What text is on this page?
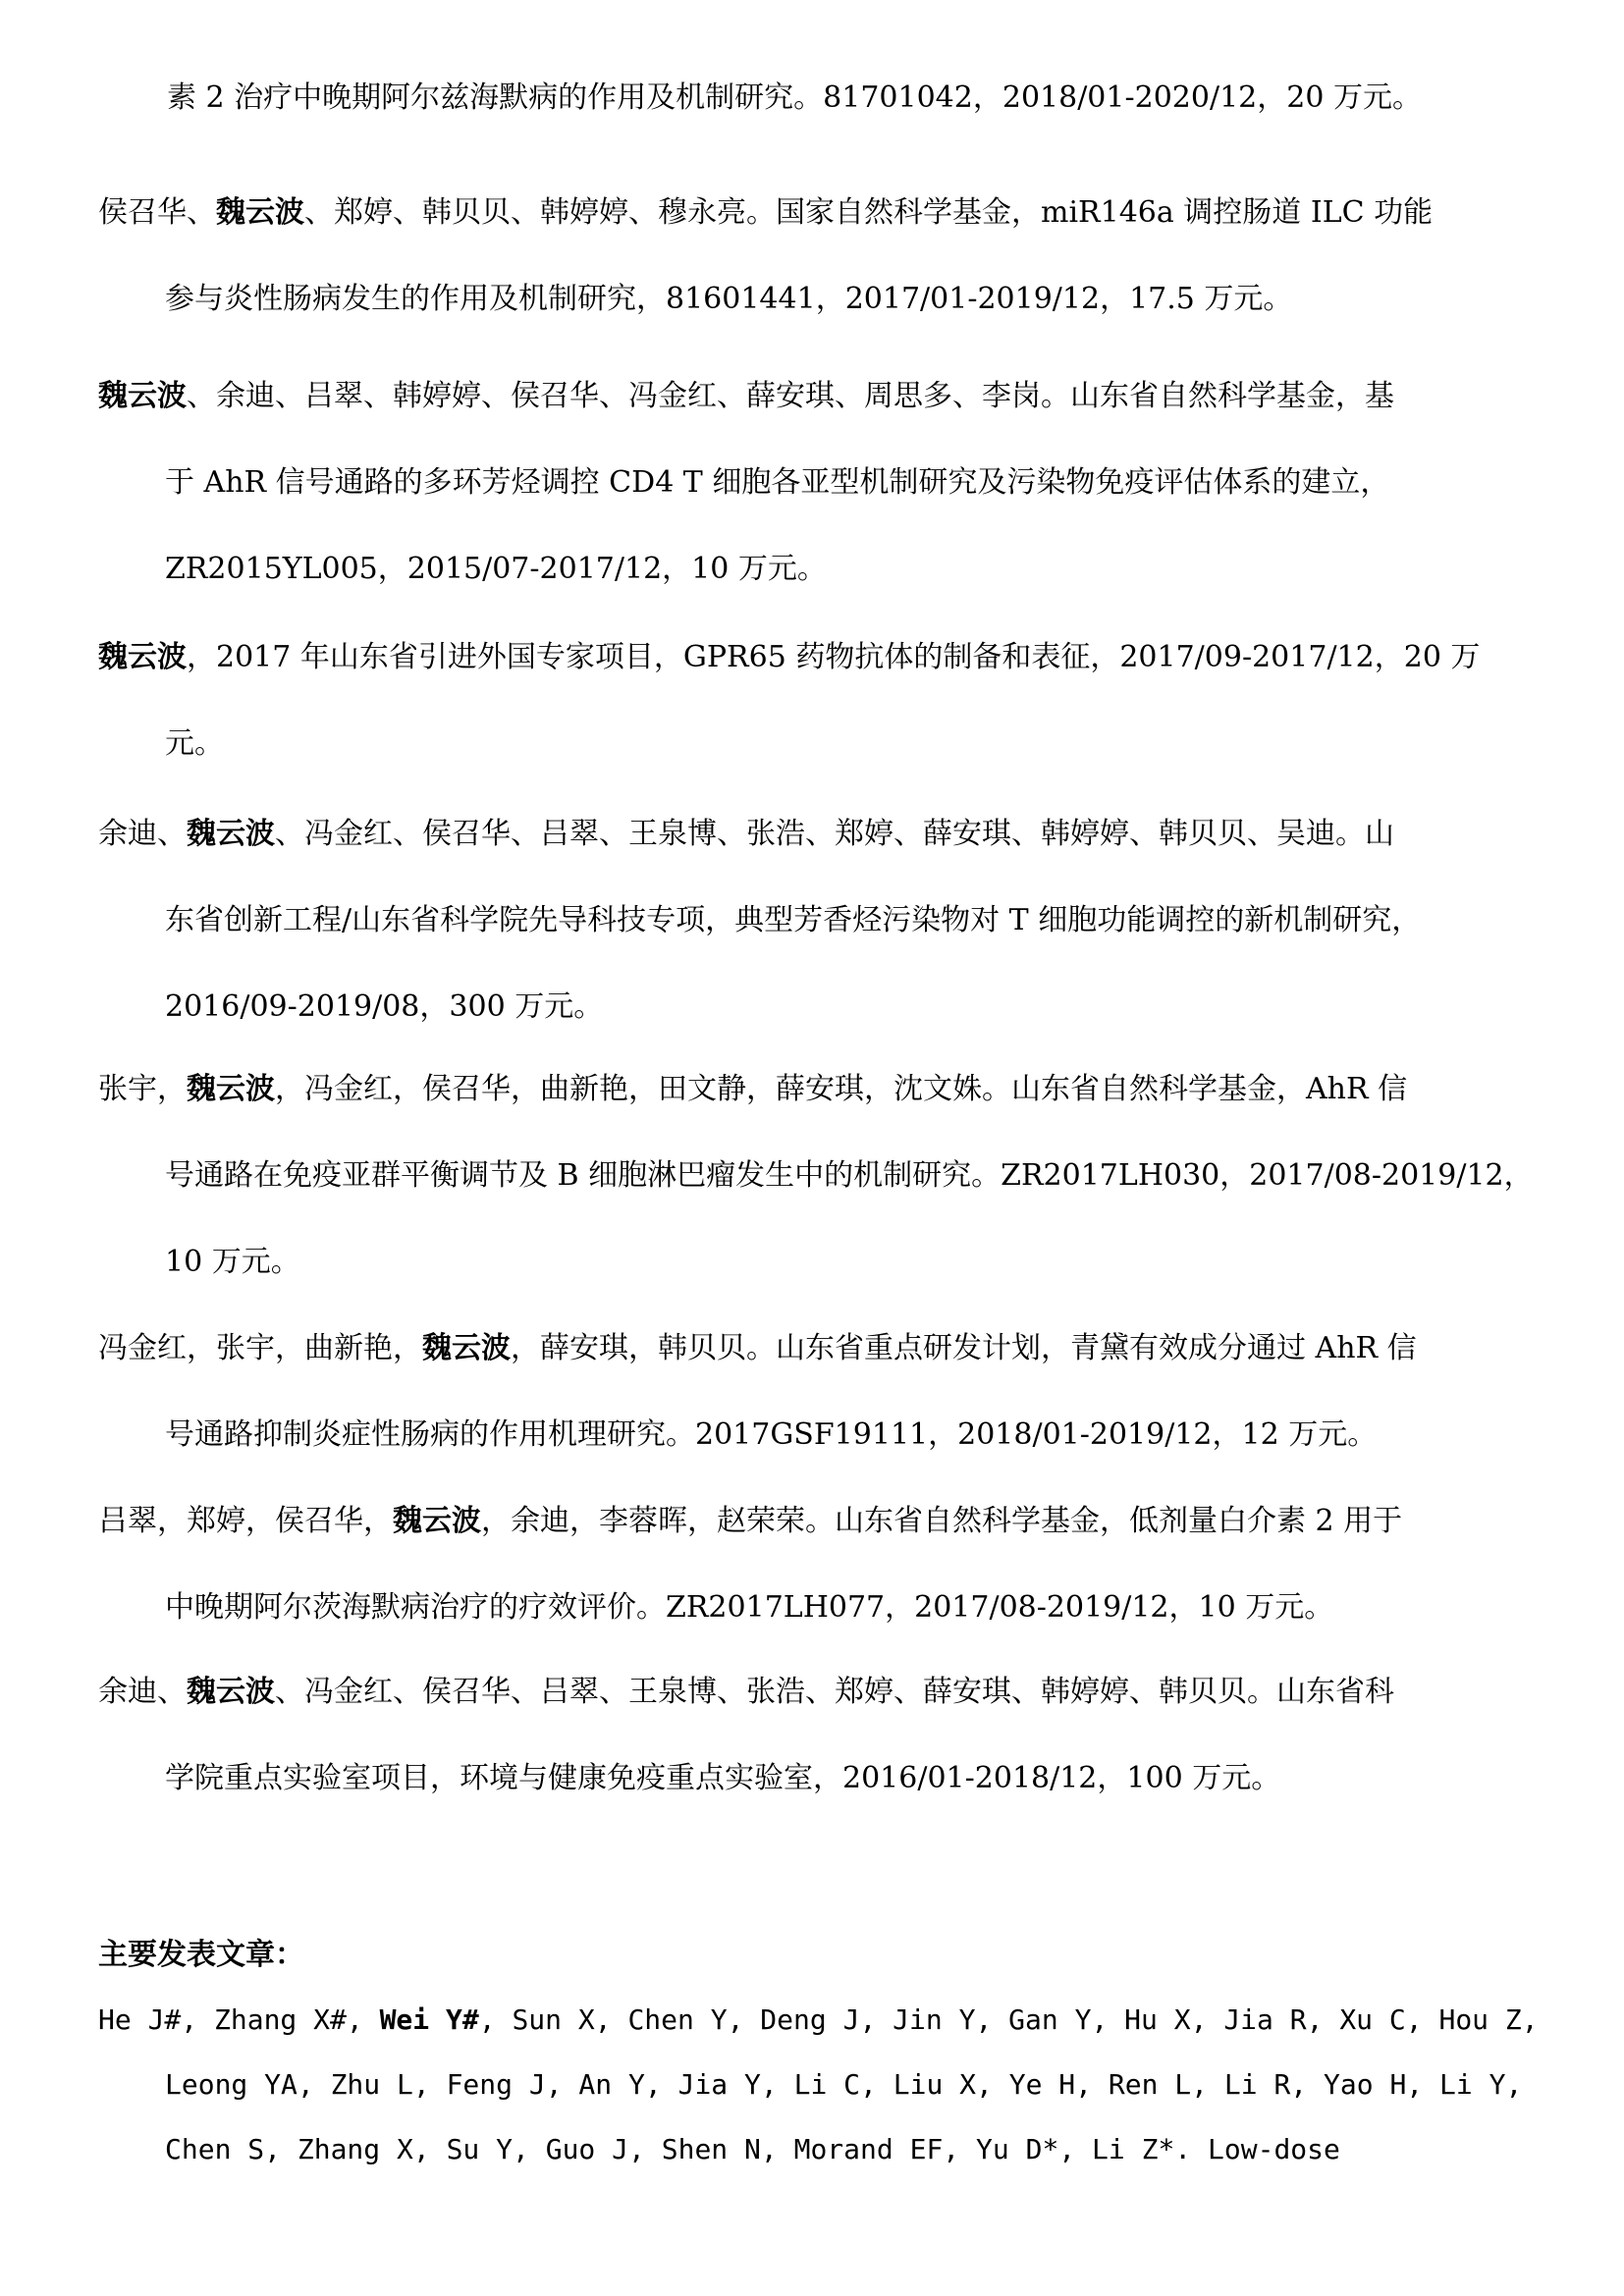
素 2 治疗中晚期阿尔兹海默病的作用及机制研究。81701042，2018/01-2020/12，20 万元。
侯召华、魏云波、郑婷、韩贝贝、韩婷婷、穆永亮。国家自然科学基金，miR146a 调控肠道 ILC 功能
参与炎性肠病发生的作用及机制研究，81601441，2017/01-2019/12，17.5 万元。
魏云波、余迪、吕翠、韩婷婷、侯召华、冯金红、薛安琪、周思多、李岗。山东省自然科学基金，基
于 AhR 信号通路的多环芳烃调控 CD4 T 细胞各亚型机制研究及污染物免疫评估体系的建立，
ZR2015YL005，2015/07-2017/12，10 万元。
魏云波，2017 年山东省引进外国专家项目，GPR65 药物抗体的制备和表征，2017/09-2017/12，20 万
元。
余迪、魏云波、冯金红、侯召华、吕翠、王泉博、张浩、郑婷、薛安琪、韩婷婷、韩贝贝、吴迪。山
东省创新工程/山东省科学院先导科技专项，典型芳香烃污染物对 T 细胞功能调控的新机制研究，
2016/09-2019/08，300 万元。
张宇，魏云波，冯金红，侯召华，曲新艳，田文静，薛安琪，沈文姝。山东省自然科学基金，AhR 信
号通路在免疫亚群平衡调节及 B 细胞淋巴瘤发生中的机制研究。ZR2017LH030，2017/08-2019/12，
10 万元。
冯金红，张宇，曲新艳，魏云波，薛安琪，韩贝贝。山东省重点研发计划，青黛有效成分通过 AhR 信
号通路抑制炎症性肠病的作用机理研究。2017GSF19111，2018/01-2019/12，12 万元。
吕翠，郑婷，侯召华，魏云波，余迪，李蓉晖，赵荣荣。山东省自然科学基金，低剂量白介素 2 用于
中晚期阿尔茨海默病治疗的疗效评价。ZR2017LH077，2017/08-2019/12，10 万元。
余迪、魏云波、冯金红、侯召华、吕翠、王泉博、张浩、郑婷、薛安琪、韩婷婷、韩贝贝。山东省科
学院重点实验室项目，环境与健康免疫重点实验室，2016/01-2018/12，100 万元。
主要发表文章：
He J#, Zhang X#, Wei Y#, Sun X, Chen Y, Deng J, Jin Y, Gan Y, Hu X, Jia R, Xu C, Hou Z,
Leong YA, Zhu L, Feng J, An Y, Jia Y, Li C, Liu X, Ye H, Ren L, Li R, Yao H, Li Y,
Chen S, Zhang X, Su Y, Guo J, Shen N, Morand EF, Yu D*, Li Z*. Low-dose
